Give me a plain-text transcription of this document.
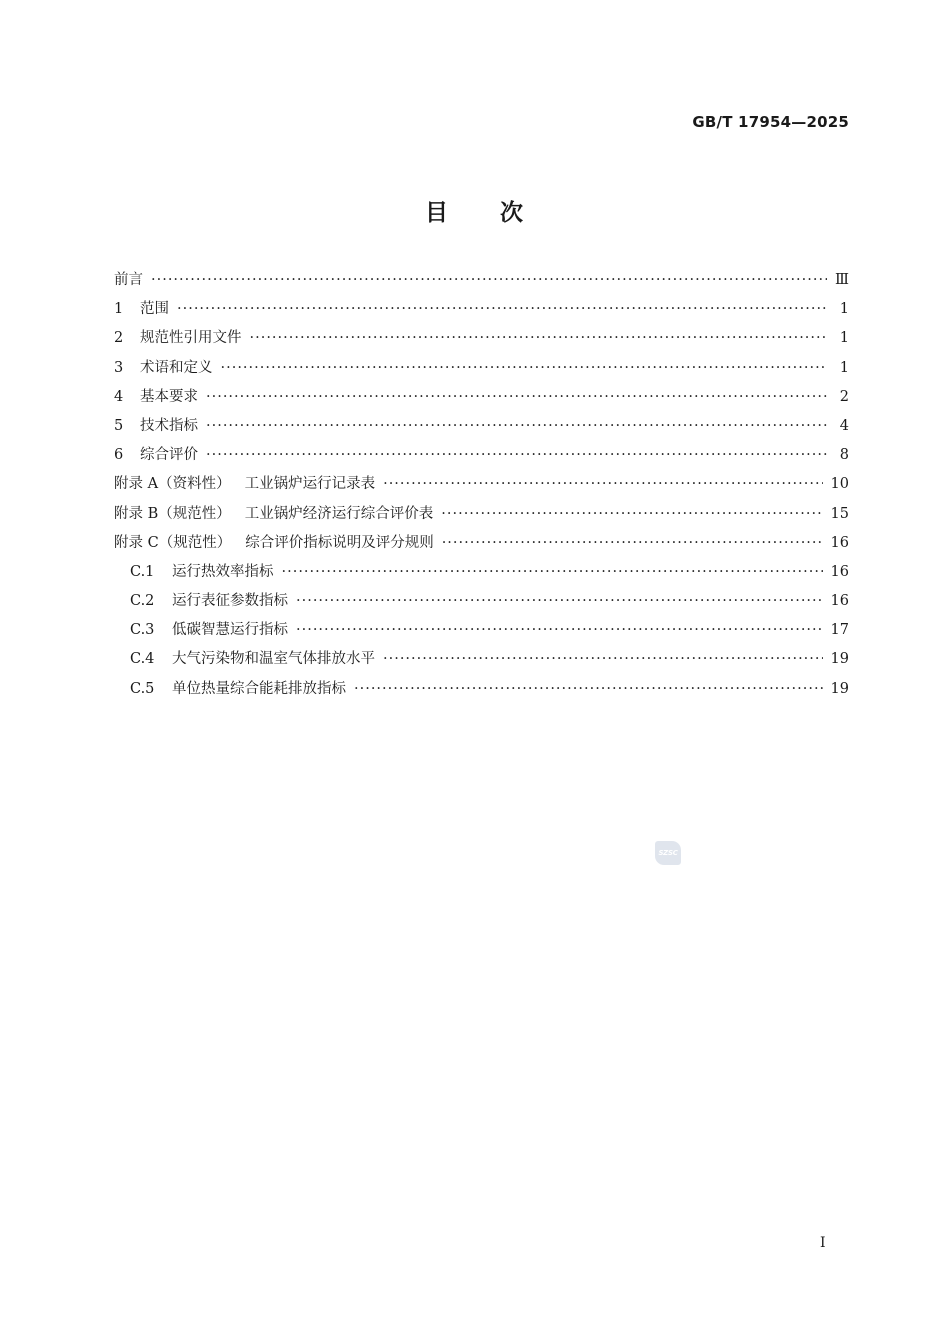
GB/T 17954—2025
目 次
前言 ·····	Ⅲ
1	范围 ·····	1
2	规范性引用文件 ·····	1
3	术语和定义 ·····	1
4	基本要求 ·····	2
5	技术指标 ·····	4
6	综合评价 ·····	8
附录 A（资料性） 工业锅炉运行记录表 ·····	10
附录 B（规范性） 工业锅炉经济运行综合评价表 ·····	15
附录 C（规范性） 综合评价指标说明及评分规则 ·····	16
C.1	运行热效率指标 ·····	16
C.2	运行表征参数指标 ·····	16
C.3	低碳智慧运行指标 ·····	17
C.4	大气污染物和温室气体排放水平 ·····	19
C.5	单位热量综合能耗排放指标 ·····	19
SZSC
I
